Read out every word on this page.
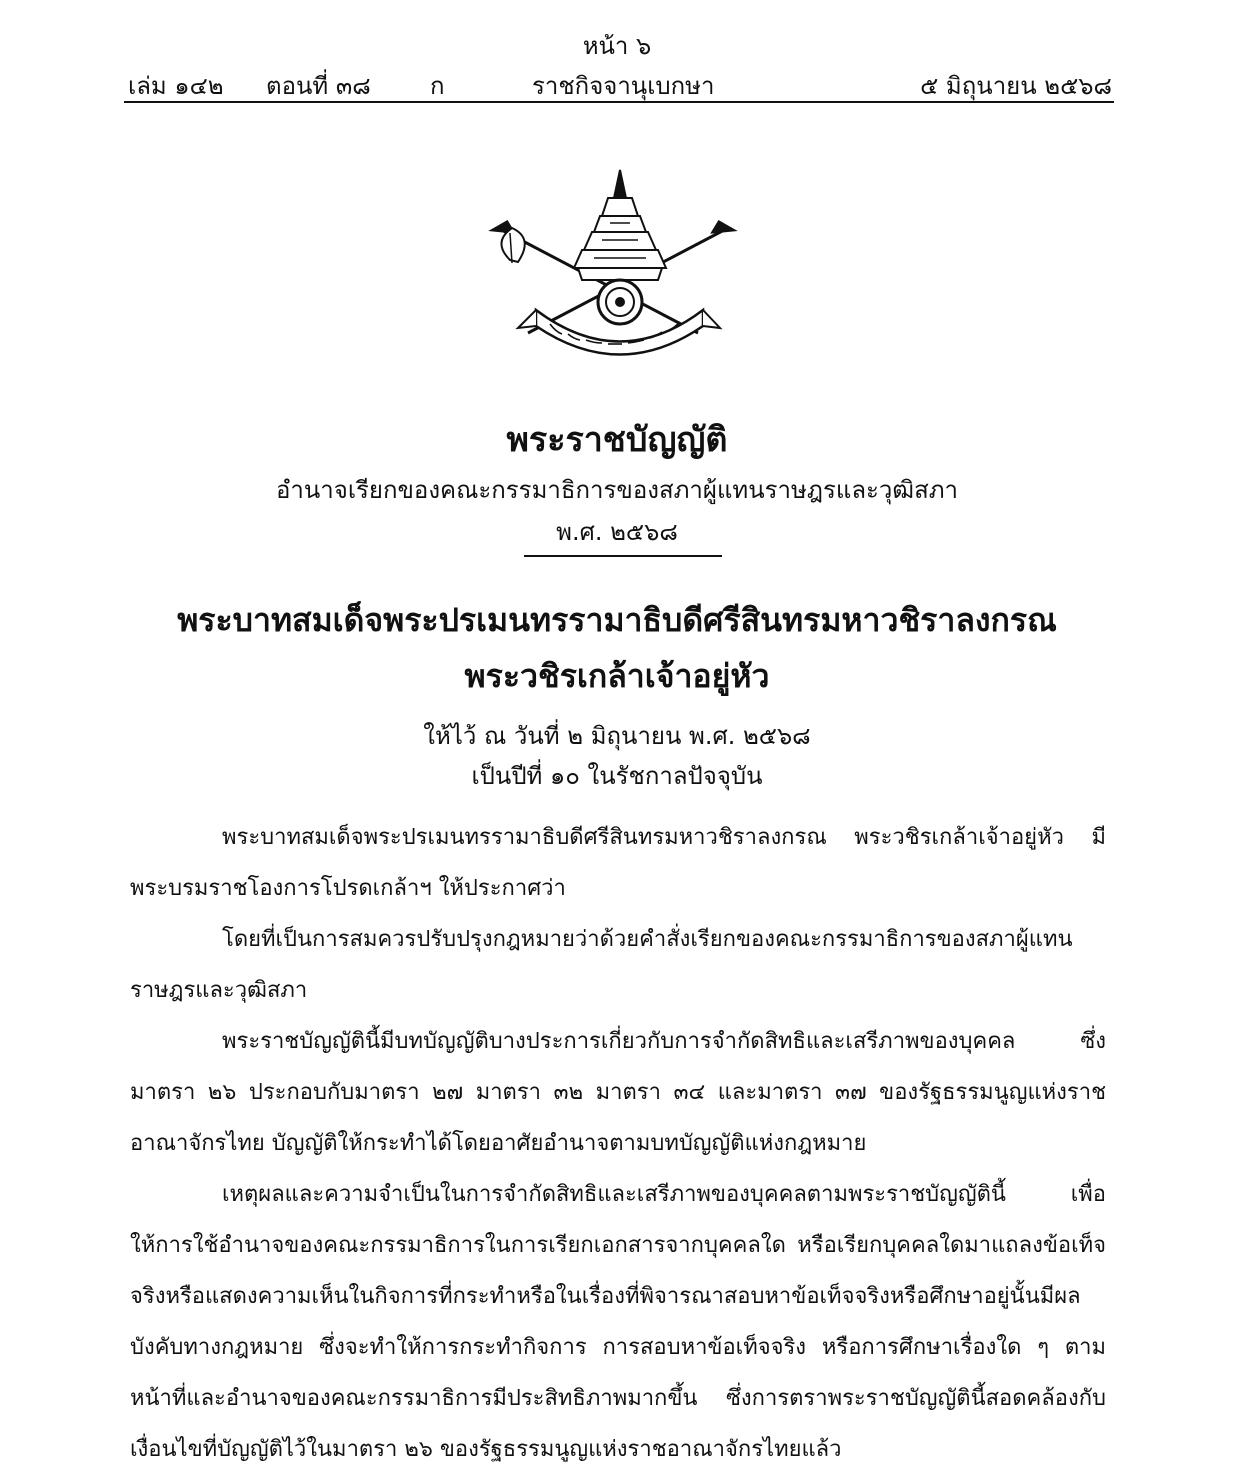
หน้า ๖
เล่ม ๑๔๒ ตอนที่ ๓๘ ก	ราชกิจจานุเบกษา	๕ มิถุนายน ๒๕๖๘
พระราชบัญญัติ
อำนาจเรียกของคณะกรรมาธิการของสภาผู้แทนราษฎรและวุฒิสภา
พ.ศ. ๒๕๖๘
พระบาทสมเด็จพระปรเมนทรรามาธิบดีศรีสินทรมหาวชิราลงกรณ
พระวชิรเกล้าเจ้าอยู่หัว
ให้ไว้ ณ วันที่ ๒ มิถุนายน พ.ศ. ๒๕๖๘
เป็นปีที่ ๑๐ ในรัชกาลปัจจุบัน

พระบาทสมเด็จพระปรเมนทรรามาธิบดีศรีสินทรมหาวชิราลงกรณ พระวชิรเกล้าเจ้าอยู่หัว มีพระบรมราชโองการโปรดเกล้าฯ ให้ประกาศว่า

โดยที่เป็นการสมควรปรับปรุงกฎหมายว่าด้วยคำสั่งเรียกของคณะกรรมาธิการของสภาผู้แทนราษฎรและวุฒิสภา

พระราชบัญญัตินี้มีบทบัญญัติบางประการเกี่ยวกับการจำกัดสิทธิและเสรีภาพของบุคคล ซึ่งมาตรา ๒๖ ประกอบกับมาตรา ๒๗ มาตรา ๓๒ มาตรา ๓๔ และมาตรา ๓๗ ของรัฐธรรมนูญแห่งราชอาณาจักรไทย บัญญัติให้กระทำได้โดยอาศัยอำนาจตามบทบัญญัติแห่งกฎหมาย

เหตุผลและความจำเป็นในการจำกัดสิทธิและเสรีภาพของบุคคลตามพระราชบัญญัตินี้ เพื่อให้การใช้อำนาจของคณะกรรมาธิการในการเรียกเอกสารจากบุคคลใด หรือเรียกบุคคลใดมาแถลงข้อเท็จจริงหรือแสดงความเห็นในกิจการที่กระทำหรือในเรื่องที่พิจารณาสอบหาข้อเท็จจริงหรือศึกษาอยู่นั้นมีผลบังคับทางกฎหมาย ซึ่งจะทำให้การกระทำกิจการ การสอบหาข้อเท็จจริง หรือการศึกษาเรื่องใด ๆ ตามหน้าที่และอำนาจของคณะกรรมาธิการมีประสิทธิภาพมากขึ้น ซึ่งการตราพระราชบัญญัตินี้สอดคล้องกับเงื่อนไขที่บัญญัติไว้ในมาตรา ๒๖ ของรัฐธรรมนูญแห่งราชอาณาจักรไทยแล้ว
